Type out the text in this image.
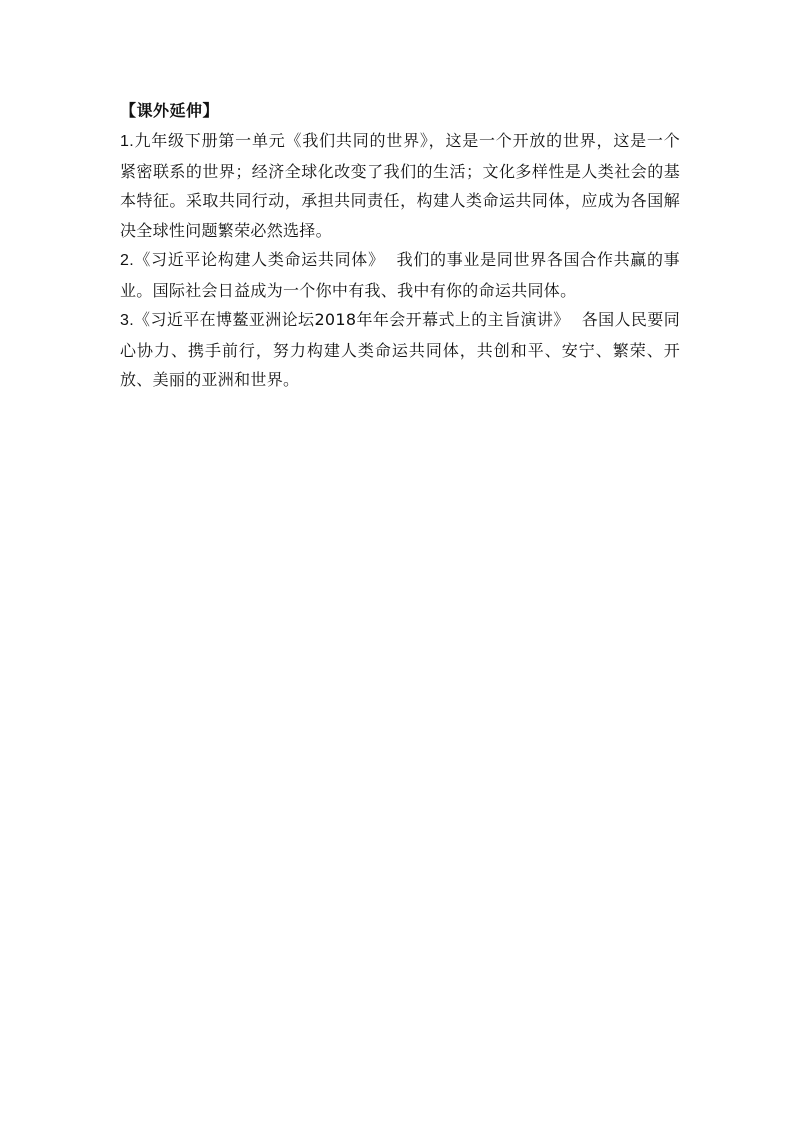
【课外延伸】

1.九年级下册第一单元《我们共同的世界》，这是一个开放的世界，这是一个紧密联系的世界；经济全球化改变了我们的生活；文化多样性是人类社会的基本特征。采取共同行动，承担共同责任，构建人类命运共同体，应成为各国解决全球性问题繁荣必然选择。

2.《习近平论构建人类命运共同体》 我们的事业是同世界各国合作共赢的事业。国际社会日益成为一个你中有我、我中有你的命运共同体。

3.《习近平在博鳌亚洲论坛2018年年会开幕式上的主旨演讲》 各国人民要同心协力、携手前行，努力构建人类命运共同体，共创和平、安宁、繁荣、开放、美丽的亚洲和世界。
